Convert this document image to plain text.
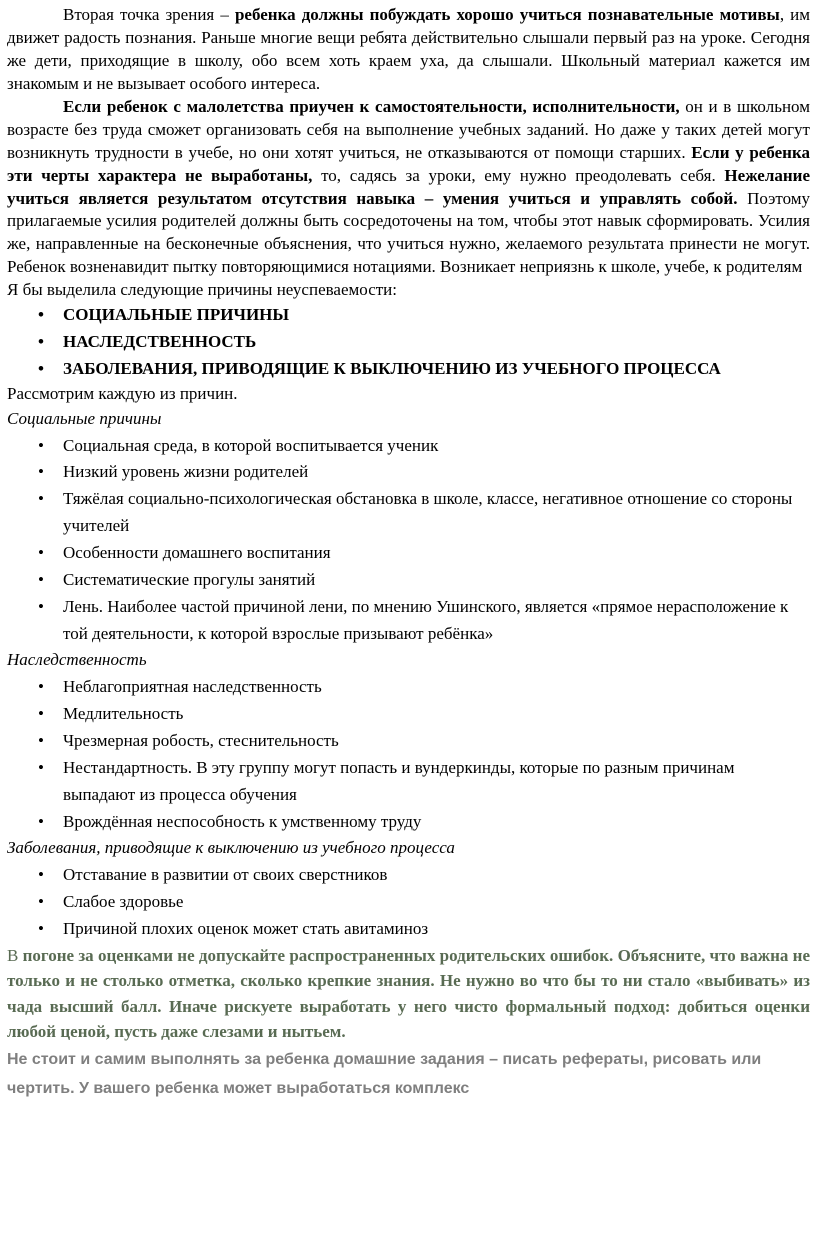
Вторая точка зрения – ребенка должны побуждать хорошо учиться познавательные мотивы, им движет радость познания. Раньше многие вещи ребята действительно слышали первый раз на уроке. Сегодня же дети, приходящие в школу, обо всем хоть краем уха, да слышали. Школьный материал кажется им знакомым и не вызывает особого интереса.

Если ребенок с малолетства приучен к самостоятельности, исполнительности, он и в школьном возрасте без труда сможет организовать себя на выполнение учебных заданий. Но даже у таких детей могут возникнуть трудности в учебе, но они хотят учиться, не отказываются от помощи старших. Если у ребенка эти черты характера не выработаны, то, садясь за уроки, ему нужно преодолевать себя. Нежелание учиться является результатом отсутствия навыка – умения учиться и управлять собой. Поэтому прилагаемые усилия родителей должны быть сосредоточены на том, чтобы этот навык сформировать. Усилия же, направленные на бесконечные объяснения, что учиться нужно, желаемого результата принести не могут. Ребенок возненавидит пытку повторяющимися нотациями. Возникает неприязнь к школе, учебе, к родителям

Я бы выделила следующие причины неуспеваемости:

• СОЦИАЛЬНЫЕ ПРИЧИНЫ
• НАСЛЕДСТВЕННОСТЬ
• ЗАБОЛЕВАНИЯ, ПРИВОДЯЩИЕ К ВЫКЛЮЧЕНИЮ ИЗ УЧЕБНОГО ПРОЦЕССА

Рассмотрим каждую из причин.

Социальные причины

• Социальная среда, в которой воспитывается ученик
• Низкий уровень жизни родителей
• Тяжёлая социально-психологическая обстановка в школе, классе, негативное отношение со стороны учителей
• Особенности домашнего воспитания
• Систематические прогулы занятий
• Лень. Наиболее частой причиной лени, по мнению Ушинского, является «прямое нерасположение к той деятельности, к которой взрослые призывают ребёнка»

Наследственность

• Неблагоприятная наследственность
• Медлительность
• Чрезмерная робость, стеснительность
• Нестандартность. В эту группу могут попасть и вундеркинды, которые по разным причинам выпадают из процесса обучения
• Врождённая неспособность к умственному труду

Заболевания, приводящие к выключению из учебного процесса

• Отставание в развитии от своих сверстников
• Слабое здоровье
• Причиной плохих оценок может стать авитаминоз

В погоне за оценками не допускайте распространенных родительских ошибок. Объясните, что важна не только и не столько отметка, сколько крепкие знания. Не нужно во что бы то ни стало «выбивать» из чада высший балл. Иначе рискуете выработать у него чисто формальный подход: добиться оценки любой ценой, пусть даже слезами и нытьем.

Не стоит и самим выполнять за ребенка домашние задания – писать рефераты, рисовать или чертить. У вашего ребенка может выработаться комплекс
